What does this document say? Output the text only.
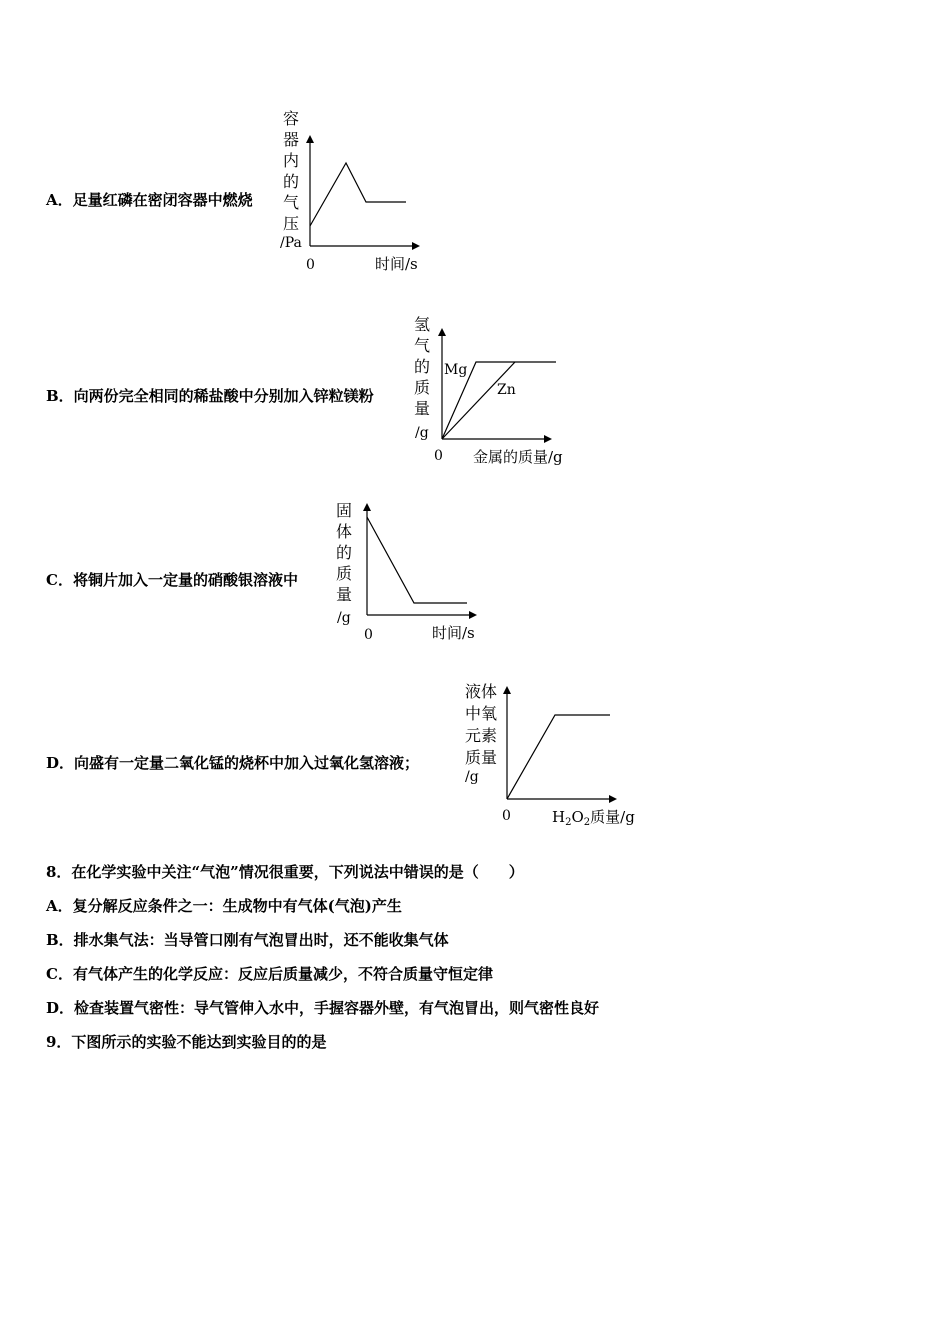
A．足量红磷在密闭容器中燃烧
容
器
内
的
气
压
/Pa
0	时间/s
B．向两份完全相同的稀盐酸中分别加入锌粒镁粉
氢
气
的
质
量
/g
Mg
Zn
0 金属的质量/g
C．将铜片加入一定量的硝酸银溶液中
固
体
的
质
量
/g
0	时间/s
D．向盛有一定量二氧化锰的烧杯中加入过氧化氢溶液；
液体
中氧
元素
质量
/g
0	$H_2O_2$质量/g
8．在化学实验中关注“气泡”情况很重要，下列说法中错误的是（　　）
A．复分解反应条件之一：生成物中有气体(气泡)产生
B．排水集气法：当导管口刚有气泡冒出时，还不能收集气体
C．有气体产生的化学反应：反应后质量减少，不符合质量守恒定律
D．检查装置气密性：导气管伸入水中，手握容器外壁，有气泡冒出，则气密性良好
9．下图所示的实验不能达到实验目的的是
